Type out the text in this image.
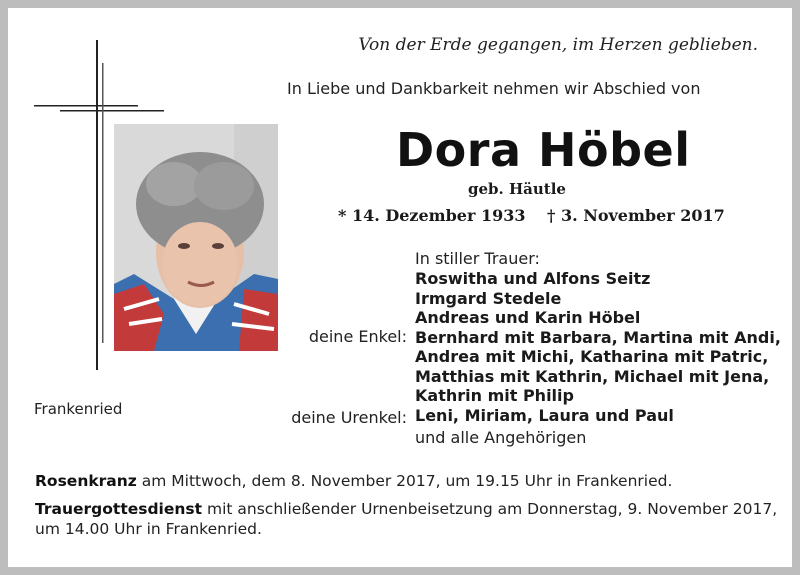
Von der Erde gegangen, im Herzen geblieben.
In Liebe und Dankbarkeit nehmen wir Abschied von
Dora Höbel
geb. Häutle
* 14. Dezember 1933 † 3. November 2017
In stiller Trauer:
Roswitha und Alfons Seitz
Irmgard Stedele
Andreas und Karin Höbel
Bernhard mit Barbara, Martina mit Andi,
Andrea mit Michi, Katharina mit Patric,
Matthias mit Kathrin, Michael mit Jena,
Kathrin mit Philip
Leni, Miriam, Laura und Paul
deine Enkel:
deine Urenkel:
und alle Angehörigen
Frankenried
Rosenkranz am Mittwoch, dem 8. November 2017, um 19.15 Uhr in Frankenried.
Trauergottesdienst mit anschließender Urnenbeisetzung am Donnerstag, 9. November 2017,
um 14.00 Uhr in Frankenried.
